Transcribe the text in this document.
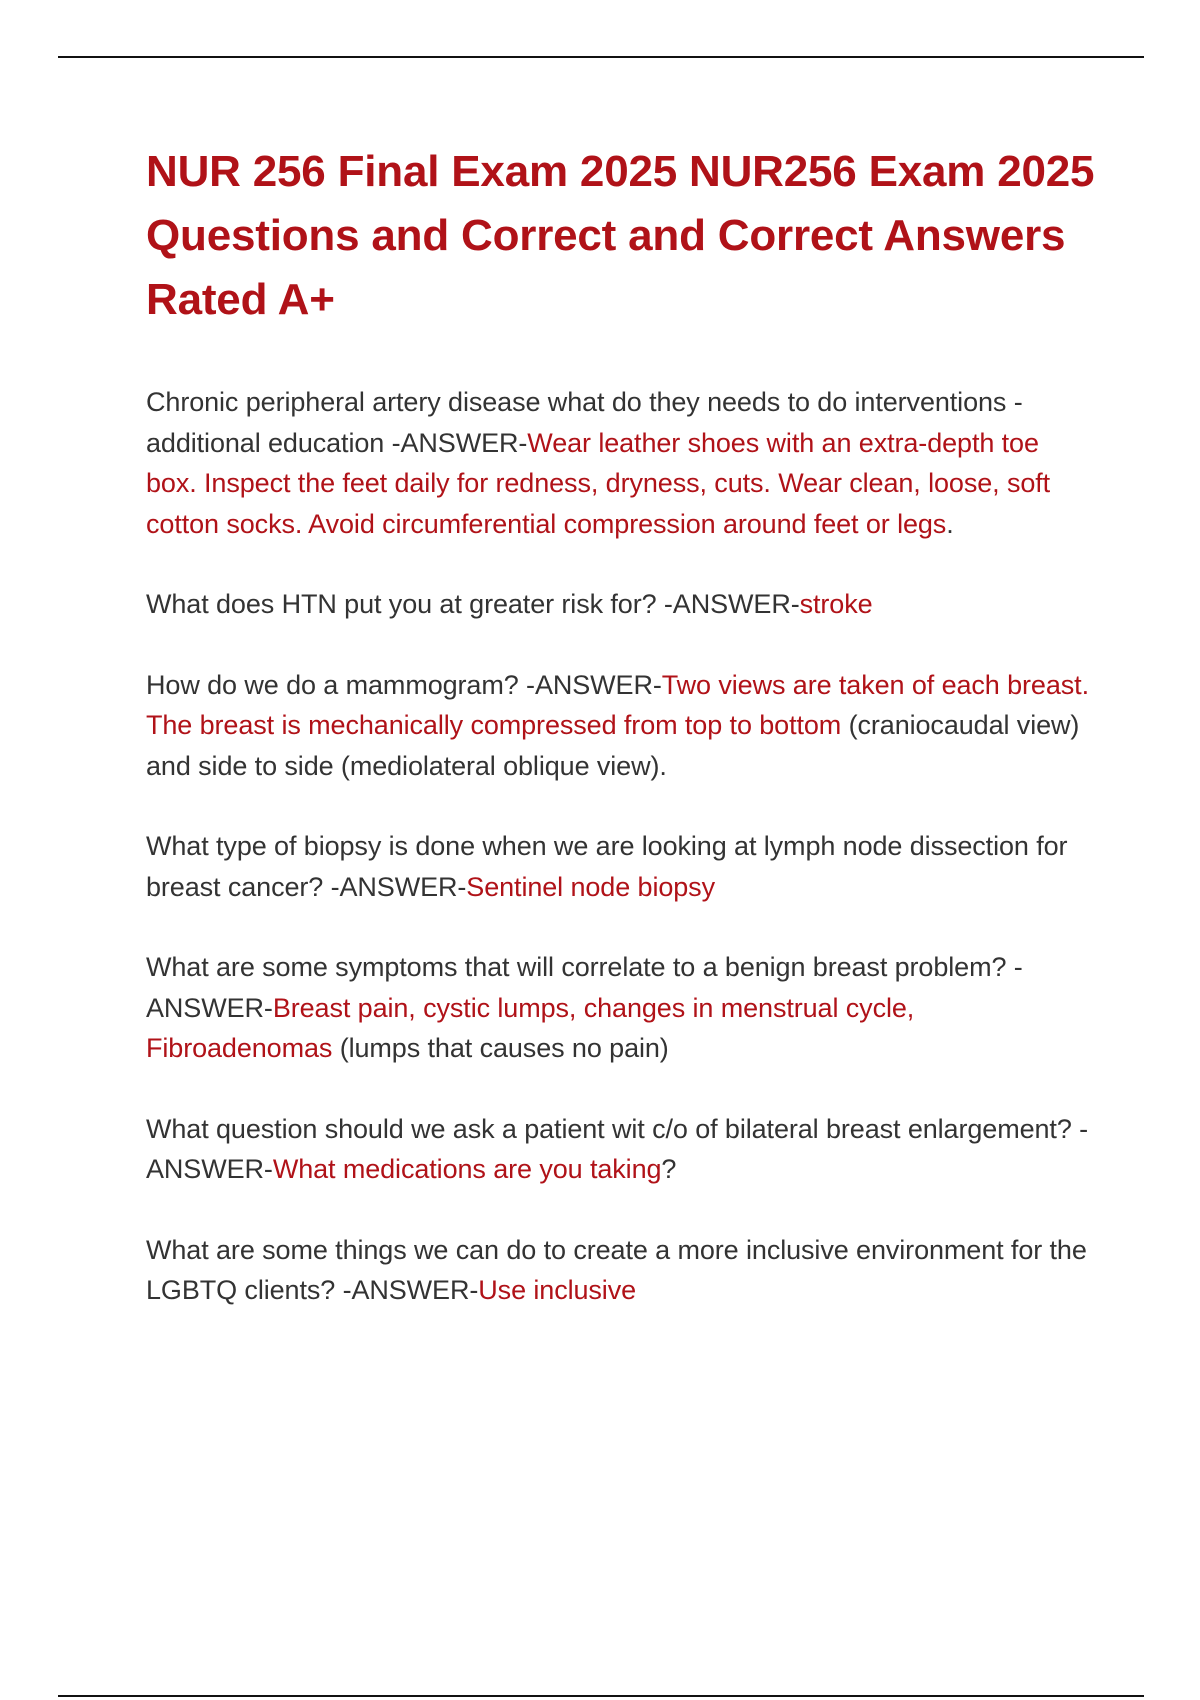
NUR 256 Final Exam 2025 NUR256 Exam 2025 Questions and Correct and Correct Answers Rated A+

Chronic peripheral artery disease what do they needs to do interventions - additional education -ANSWER-Wear leather shoes with an extra-depth toe box. Inspect the feet daily for redness, dryness, cuts. Wear clean, loose, soft cotton socks. Avoid circumferential compression around feet or legs.

What does HTN put you at greater risk for? -ANSWER-stroke

How do we do a mammogram? -ANSWER-Two views are taken of each breast. The breast is mechanically compressed from top to bottom (craniocaudal view) and side to side (mediolateral oblique view).

What type of biopsy is done when we are looking at lymph node dissection for breast cancer? -ANSWER-Sentinel node biopsy

What are some symptoms that will correlate to a benign breast problem? -ANSWER-Breast pain, cystic lumps, changes in menstrual cycle, Fibroadenomas (lumps that causes no pain)

What question should we ask a patient wit c/o of bilateral breast enlargement? -ANSWER-What medications are you taking?

What are some things we can do to create a more inclusive environment for the LGBTQ clients? -ANSWER-Use inclusive
